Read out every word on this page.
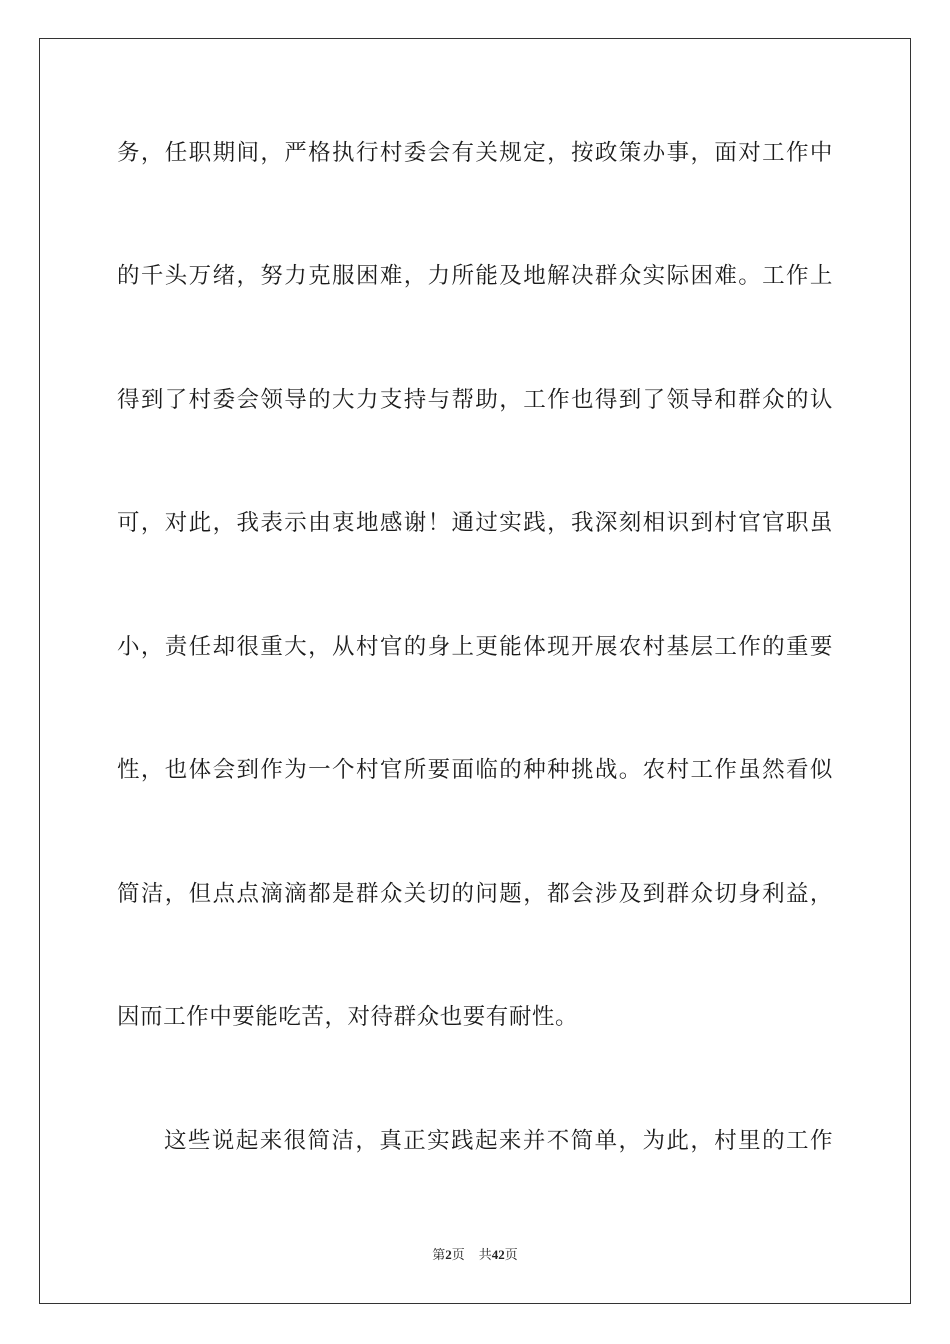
务，任职期间，严格执行村委会有关规定，按政策办事，面对工作中
的千头万绪，努力克服困难，力所能及地解决群众实际困难。工作上
得到了村委会领导的大力支持与帮助，工作也得到了领导和群众的认
可，对此，我表示由衷地感谢！通过实践，我深刻相识到村官官职虽
小，责任却很重大，从村官的身上更能体现开展农村基层工作的重要
性，也体会到作为一个村官所要面临的种种挑战。农村工作虽然看似
简洁，但点点滴滴都是群众关切的问题，都会涉及到群众切身利益，
因而工作中要能吃苦，对待群众也要有耐性。
这些说起来很简洁，真正实践起来并不简单，为此，村里的工作
第2页 共42页
